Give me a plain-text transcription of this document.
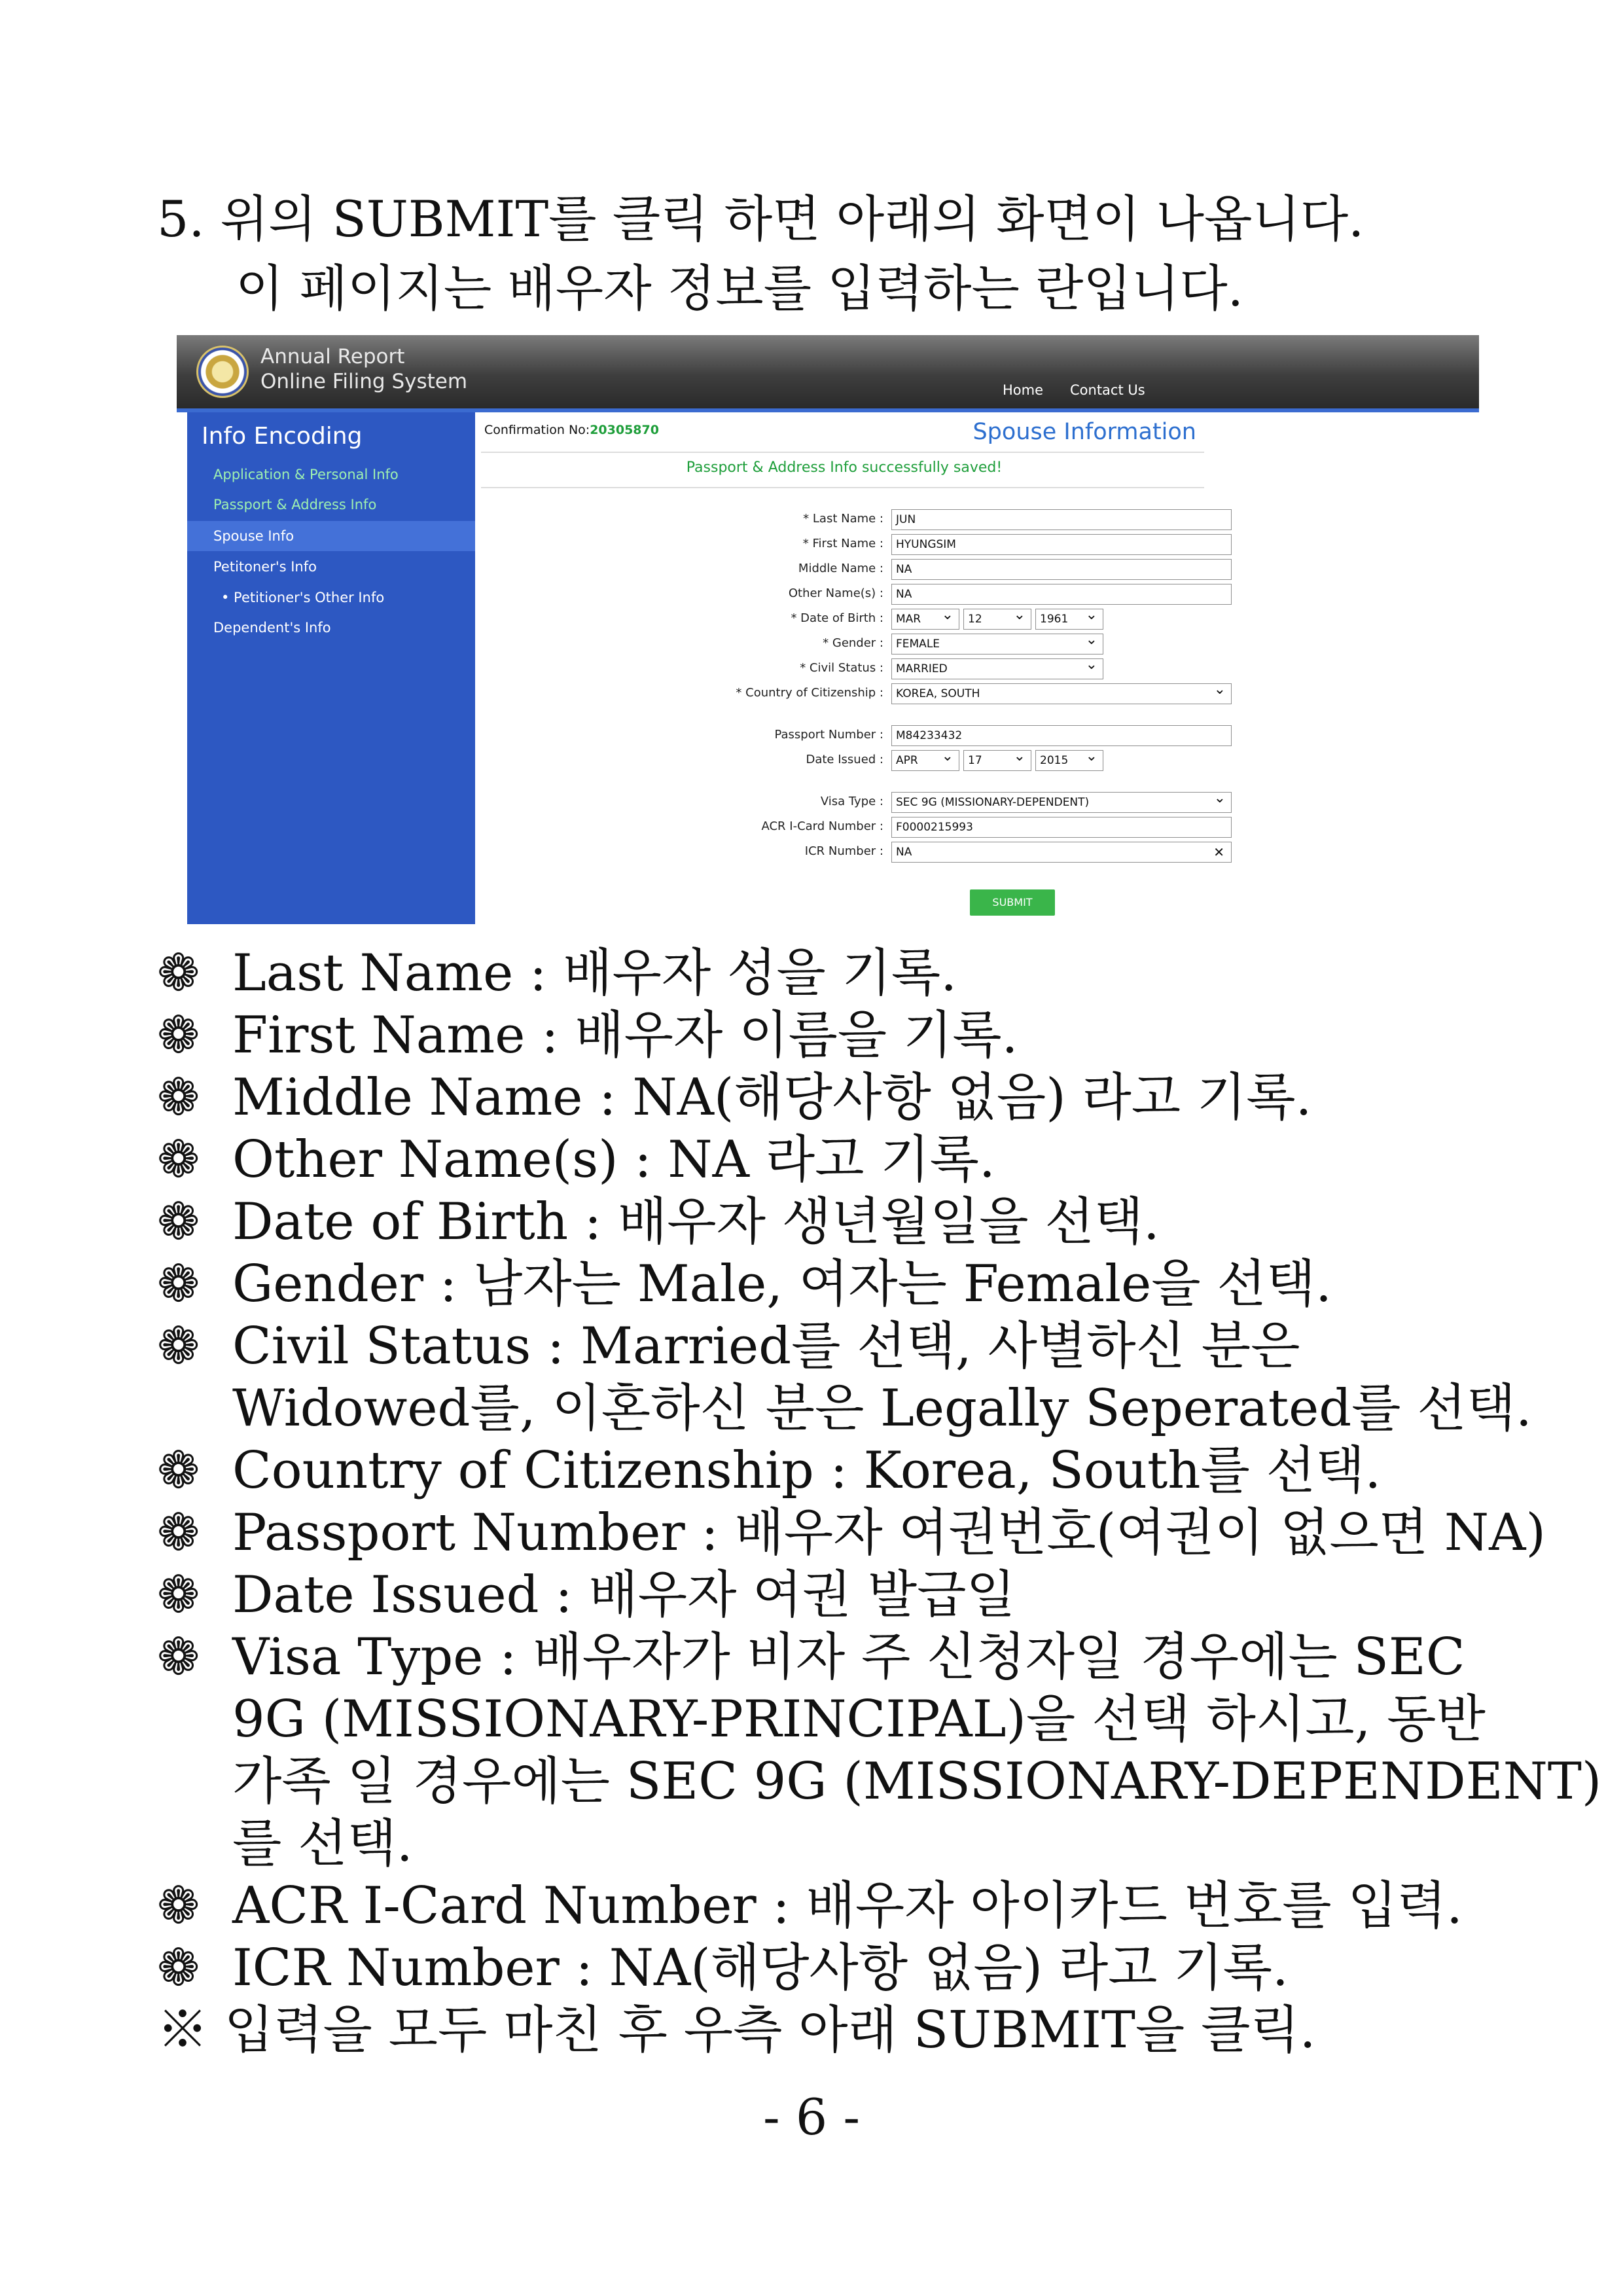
5. 위의 SUBMIT를 클릭 하면 아래의 화면이 나옵니다.
이 페이지는 배우자 정보를 입력하는 란입니다.
Annual Report
Online Filing System	Home Contact Us
Info Encoding
Application & Personal Info
Passport & Address Info
Spouse Info
Petitoner's Info
• Petitioner's Other Info
Dependent's Info
Confirmation No:20305870	Spouse Information
Passport & Address Info successfully saved!
* Last Name :	JUN
* First Name :	HYUNGSIM
Middle Name :	NA
Other Name(s) :	NA
* Date of Birth :	MAR ⌄	12 ⌄	1961 ⌄
* Gender :	FEMALE ⌄
* Civil Status :	MARRIED ⌄
* Country of Citizenship :	KOREA, SOUTH ⌄
Passport Number :	M84233432
Date Issued :	APR ⌄	17 ⌄	2015 ⌄
Visa Type :	SEC 9G (MISSIONARY-DEPENDENT) ⌄
ACR I-Card Number :	F0000215993
ICR Number :	NA	✕
SUBMIT
❁ Last Name : 배우자 성을 기록.
❁ First Name : 배우자 이름을 기록.
❁ Middle Name : NA(해당사항 없음) 라고 기록.
❁ Other Name(s) : NA 라고 기록.
❁ Date of Birth : 배우자 생년월일을 선택.
❁ Gender : 남자는 Male, 여자는 Female을 선택.
❁ Civil Status : Married를 선택, 사별하신 분은
Widowed를, 이혼하신 분은 Legally Seperated를 선택.
❁ Country of Citizenship : Korea, South를 선택.
❁ Passport Number : 배우자 여권번호(여권이 없으면 NA)
❁ Date Issued : 배우자 여권 발급일
❁ Visa Type : 배우자가 비자 주 신청자일 경우에는 SEC
9G (MISSIONARY-PRINCIPAL)을 선택 하시고, 동반
가족 일 경우에는 SEC 9G (MISSIONARY-DEPENDENT)
를 선택.
❁ ACR I-Card Number : 배우자 아이카드 번호를 입력.
❁ ICR Number : NA(해당사항 없음) 라고 기록.
※ 입력을 모두 마친 후 우측 아래 SUBMIT을 클릭.
- 6 -
